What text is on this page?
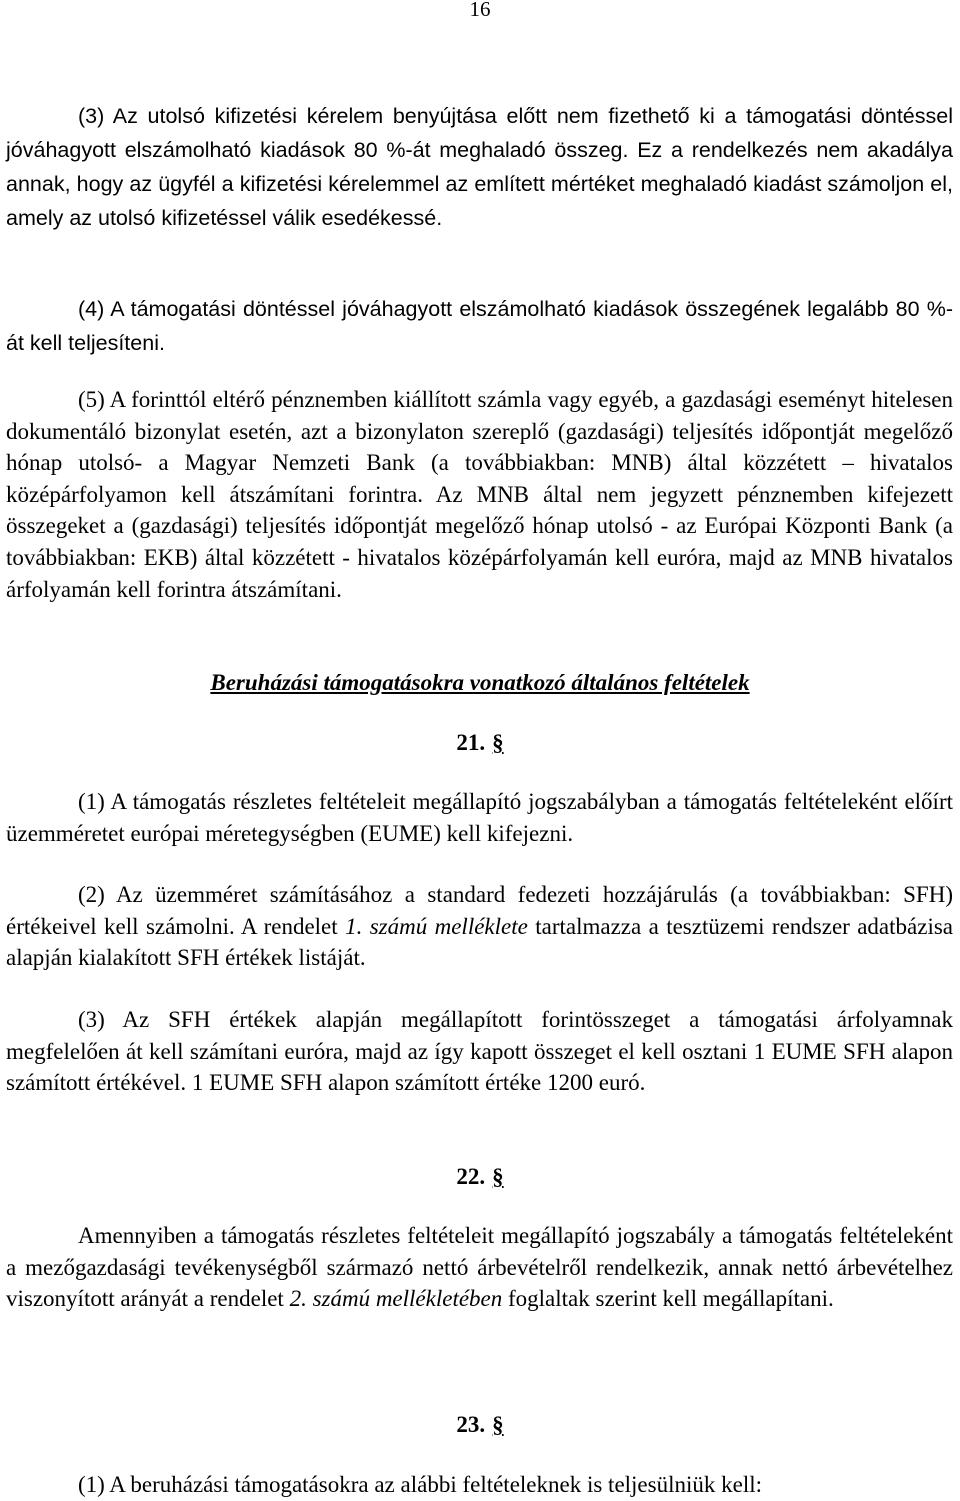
16

(3) Az utolsó kifizetési kérelem benyújtása előtt nem fizethető ki a támogatási döntéssel jóváhagyott elszámolható kiadások 80 %-át meghaladó összeg. Ez a rendelkezés nem akadálya annak, hogy az ügyfél a kifizetési kérelemmel az említett mértéket meghaladó kiadást számoljon el, amely az utolsó kifizetéssel válik esedékessé.

(4) A támogatási döntéssel jóváhagyott elszámolható kiadások összegének legalább 80 %-át kell teljesíteni.

(5) A forinttól eltérő pénznemben kiállított számla vagy egyéb, a gazdasági eseményt hitelesen dokumentáló bizonylat esetén, azt a bizonylaton szereplő (gazdasági) teljesítés időpontját megelőző hónap utolsó- a Magyar Nemzeti Bank (a továbbiakban: MNB) által közzétett – hivatalos középárfolyamon kell átszámítani forintra. Az MNB által nem jegyzett pénznemben kifejezett összegeket a (gazdasági) teljesítés időpontját megelőző hónap utolsó - az Európai Központi Bank (a továbbiakban: EKB) által közzétett - hivatalos középárfolyamán kell euróra, majd az MNB hivatalos árfolyamán kell forintra átszámítani.

Beruházási támogatásokra vonatkozó általános feltételek
21. §

(1) A támogatás részletes feltételeit megállapító jogszabályban a támogatás feltételeként előírt üzemméretet európai méretegységben (EUME) kell kifejezni.

(2) Az üzemméret számításához a standard fedezeti hozzájárulás (a továbbiakban: SFH) értékeivel kell számolni. A rendelet 1. számú melléklete tartalmazza a tesztüzemi rendszer adatbázisa alapján kialakított SFH értékek listáját.

(3) Az SFH értékek alapján megállapított forintösszeget a támogatási árfolyamnak megfelelően át kell számítani euróra, majd az így kapott összeget el kell osztani 1 EUME SFH alapon számított értékével. 1 EUME SFH alapon számított értéke 1200 euró.

22. §

Amennyiben a támogatás részletes feltételeit megállapító jogszabály a támogatás feltételeként a mezőgazdasági tevékenységből származó nettó árbevételről rendelkezik, annak nettó árbevételhez viszonyított arányát a rendelet 2. számú mellékletében foglaltak szerint kell megállapítani.

23. §

(1) A beruházási támogatásokra az alábbi feltételeknek is teljesülniük kell:
